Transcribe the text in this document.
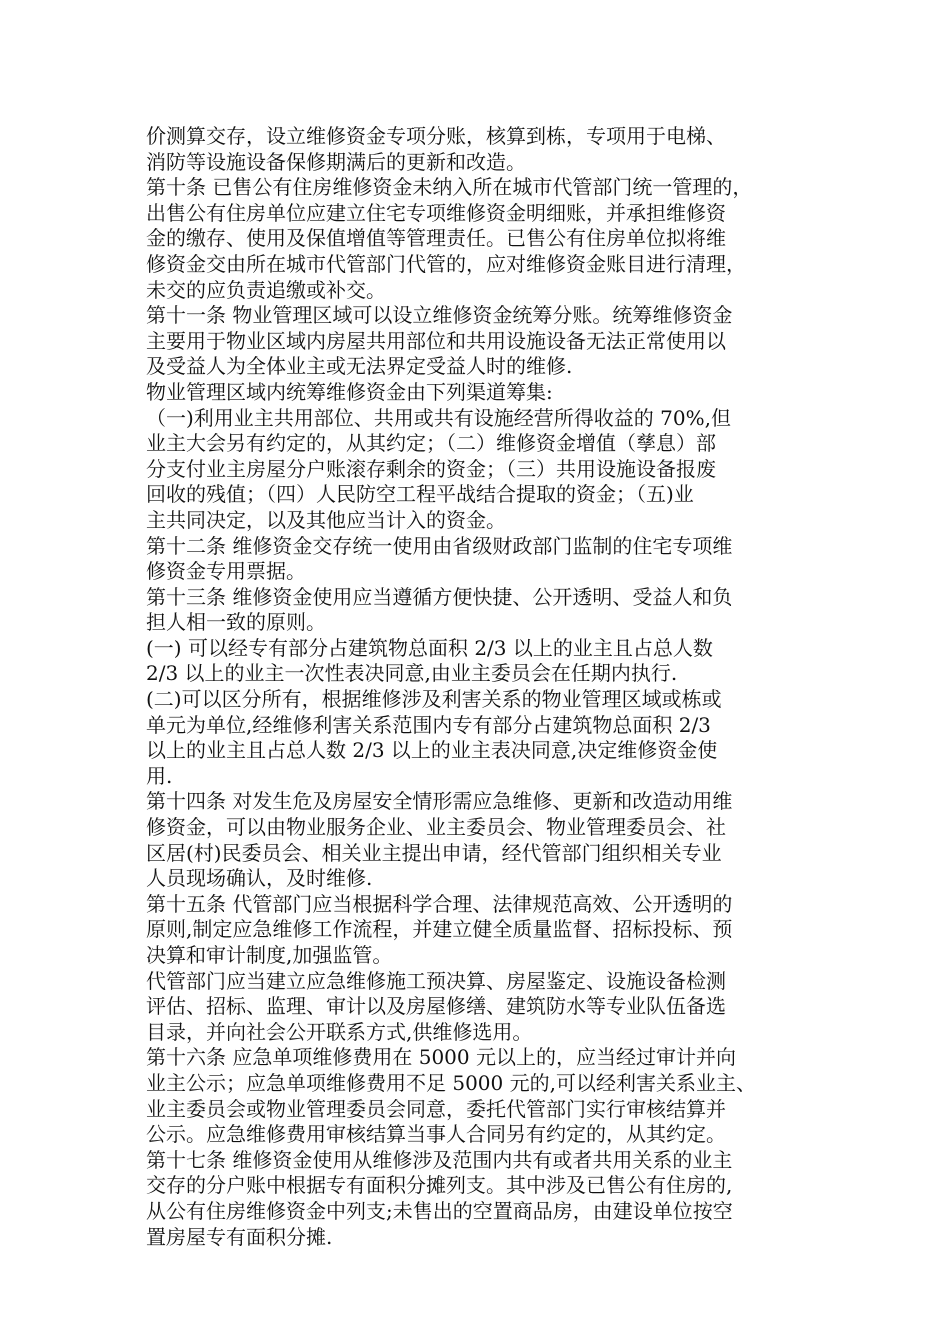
价测算交存，设立维修资金专项分账，核算到栋，专项用于电梯、
消防等设施设备保修期满后的更新和改造。
第十条 已售公有住房维修资金未纳入所在城市代管部门统一管理的，
出售公有住房单位应建立住宅专项维修资金明细账，并承担维修资
金的缴存、使用及保值增值等管理责任。已售公有住房单位拟将维
修资金交由所在城市代管部门代管的，应对维修资金账目进行清理，
未交的应负责追缴或补交。
第十一条 物业管理区域可以设立维修资金统筹分账。统筹维修资金
主要用于物业区域内房屋共用部位和共用设施设备无法正常使用以
及受益人为全体业主或无法界定受益人时的维修.
物业管理区域内统筹维修资金由下列渠道筹集:
（一)利用业主共用部位、共用或共有设施经营所得收益的 70%,但
业主大会另有约定的，从其约定；（二）维修资金增值（孳息）部
分支付业主房屋分户账滚存剩余的资金；（三）共用设施设备报废
回收的残值；（四）人民防空工程平战结合提取的资金；（五)业
主共同决定，以及其他应当计入的资金。
第十二条 维修资金交存统一使用由省级财政部门监制的住宅专项维
修资金专用票据。
第十三条 维修资金使用应当遵循方便快捷、公开透明、受益人和负
担人相一致的原则。
(一) 可以经专有部分占建筑物总面积 2/3 以上的业主且占总人数
2/3 以上的业主一次性表决同意,由业主委员会在任期内执行.
(二)可以区分所有，根据维修涉及利害关系的物业管理区域或栋或
单元为单位,经维修利害关系范围内专有部分占建筑物总面积 2/3
以上的业主且占总人数 2/3 以上的业主表决同意,决定维修资金使
用.
第十四条 对发生危及房屋安全情形需应急维修、更新和改造动用维
修资金，可以由物业服务企业、业主委员会、物业管理委员会、社
区居(村)民委员会、相关业主提出申请，经代管部门组织相关专业
人员现场确认，及时维修.
第十五条 代管部门应当根据科学合理、法律规范高效、公开透明的
原则,制定应急维修工作流程，并建立健全质量监督、招标投标、预
决算和审计制度,加强监管。
代管部门应当建立应急维修施工预决算、房屋鉴定、设施设备检测
评估、招标、监理、审计以及房屋修缮、建筑防水等专业队伍备选
目录，并向社会公开联系方式,供维修选用。
第十六条 应急单项维修费用在 5000 元以上的，应当经过审计并向
业主公示；应急单项维修费用不足 5000 元的,可以经利害关系业主、
业主委员会或物业管理委员会同意，委托代管部门实行审核结算并
公示。应急维修费用审核结算当事人合同另有约定的，从其约定。
第十七条 维修资金使用从维修涉及范围内共有或者共用关系的业主
交存的分户账中根据专有面积分摊列支。其中涉及已售公有住房的,
从公有住房维修资金中列支;未售出的空置商品房，由建设单位按空
置房屋专有面积分摊.
